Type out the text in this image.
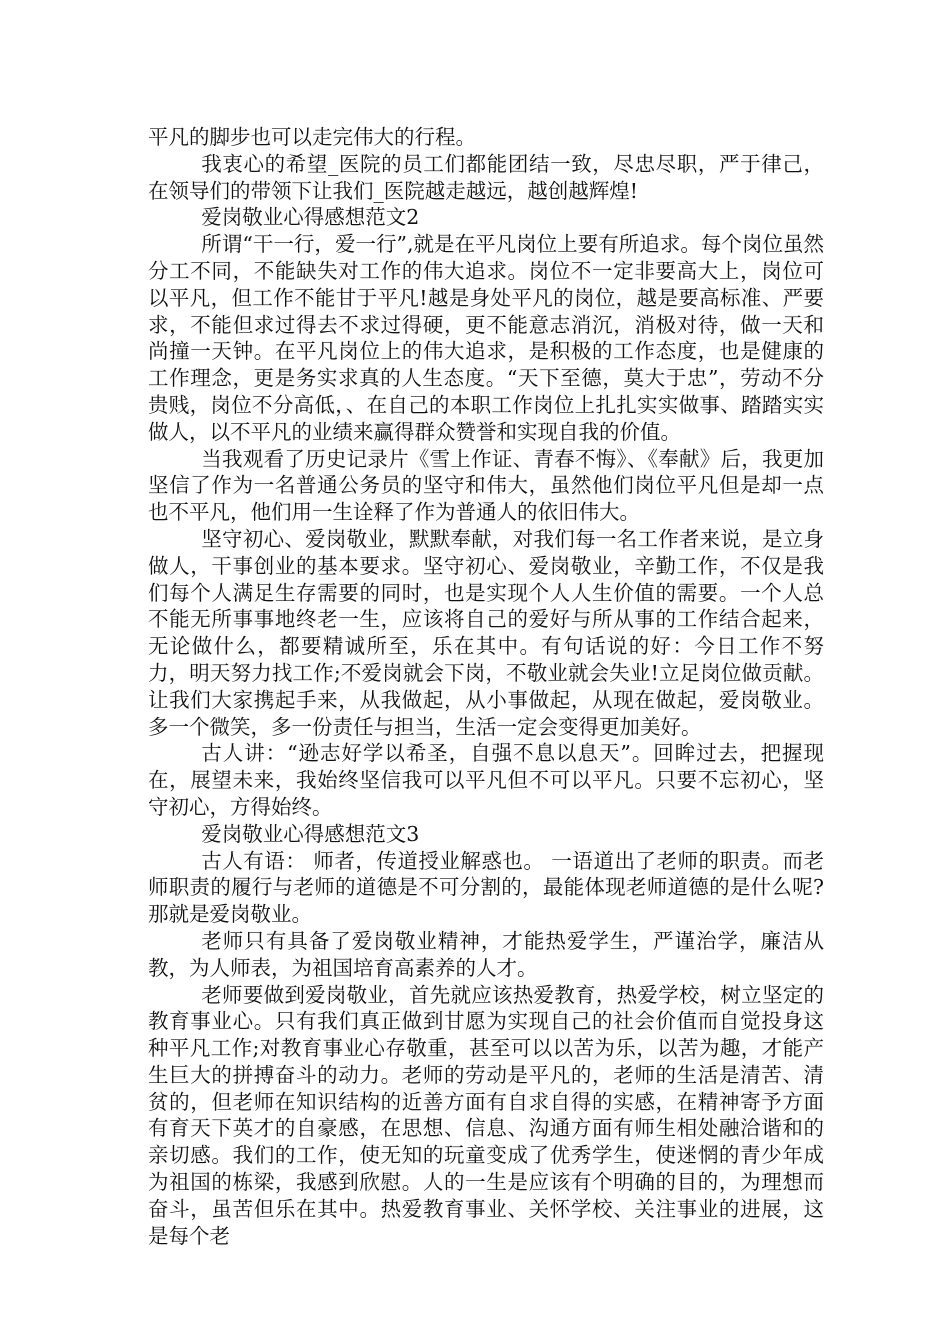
平凡的脚步也可以走完伟大的行程。

我衷心的希望_医院的员工们都能团结一致，尽忠尽职，严于律己，在领导们的带领下让我们_医院越走越远，越创越辉煌!

爱岗敬业心得感想范文2

所谓“干一行，爱一行”,就是在平凡岗位上要有所追求。每个岗位虽然分工不同，不能缺失对工作的伟大追求。岗位不一定非要高大上，岗位可以平凡，但工作不能甘于平凡!越是身处平凡的岗位，越是要高标准、严要求，不能但求过得去不求过得硬，更不能意志消沉，消极对待，做一天和尚撞一天钟。在平凡岗位上的伟大追求，是积极的工作态度，也是健康的工作理念，更是务实求真的人生态度。“天下至德，莫大于忠”，劳动不分贵贱，岗位不分高低，、在自己的本职工作岗位上扎扎实实做事、踏踏实实做人，以不平凡的业绩来赢得群众赞誉和实现自我的价值。

当我观看了历史记录片《雪上作证、青春不悔》、《奉献》后，我更加坚信了作为一名普通公务员的坚守和伟大，虽然他们岗位平凡但是却一点也不平凡，他们用一生诠释了作为普通人的依旧伟大。

坚守初心、爱岗敬业，默默奉献，对我们每一名工作者来说，是立身做人，干事创业的基本要求。坚守初心、爱岗敬业，辛勤工作，不仅是我们每个人满足生存需要的同时，也是实现个人人生价值的需要。一个人总不能无所事事地终老一生，应该将自己的爱好与所从事的工作结合起来，无论做什么，都要精诚所至，乐在其中。有句话说的好：今日工作不努力，明天努力找工作;不爱岗就会下岗，不敬业就会失业!立足岗位做贡献。让我们大家携起手来，从我做起，从小事做起，从现在做起，爱岗敬业。多一个微笑，多一份责任与担当，生活一定会变得更加美好。

古人讲：“逊志好学以希圣，自强不息以息天”。回眸过去，把握现在，展望未来，我始终坚信我可以平凡但不可以平凡。只要不忘初心，坚守初心，方得始终。

爱岗敬业心得感想范文3

古人有语： 师者，传道授业解惑也。 一语道出了老师的职责。而老师职责的履行与老师的道德是不可分割的，最能体现老师道德的是什么呢?那就是爱岗敬业。

老师只有具备了爱岗敬业精神，才能热爱学生，严谨治学，廉洁从教，为人师表，为祖国培育高素养的人才。

老师要做到爱岗敬业，首先就应该热爱教育，热爱学校，树立坚定的教育事业心。只有我们真正做到甘愿为实现自己的社会价值而自觉投身这种平凡工作;对教育事业心存敬重，甚至可以以苦为乐，以苦为趣，才能产生巨大的拼搏奋斗的动力。老师的劳动是平凡的，老师的生活是清苦、清贫的，但老师在知识结构的近善方面有自求自得的实感，在精神寄予方面有育天下英才的自豪感，在思想、信息、沟通方面有师生相处融洽谐和的亲切感。我们的工作，使无知的玩童变成了优秀学生，使迷惘的青少年成为祖国的栋梁，我感到欣慰。人的一生是应该有个明确的目的，为理想而奋斗，虽苦但乐在其中。热爱教育事业、关怀学校、关注事业的进展，这是每个老
